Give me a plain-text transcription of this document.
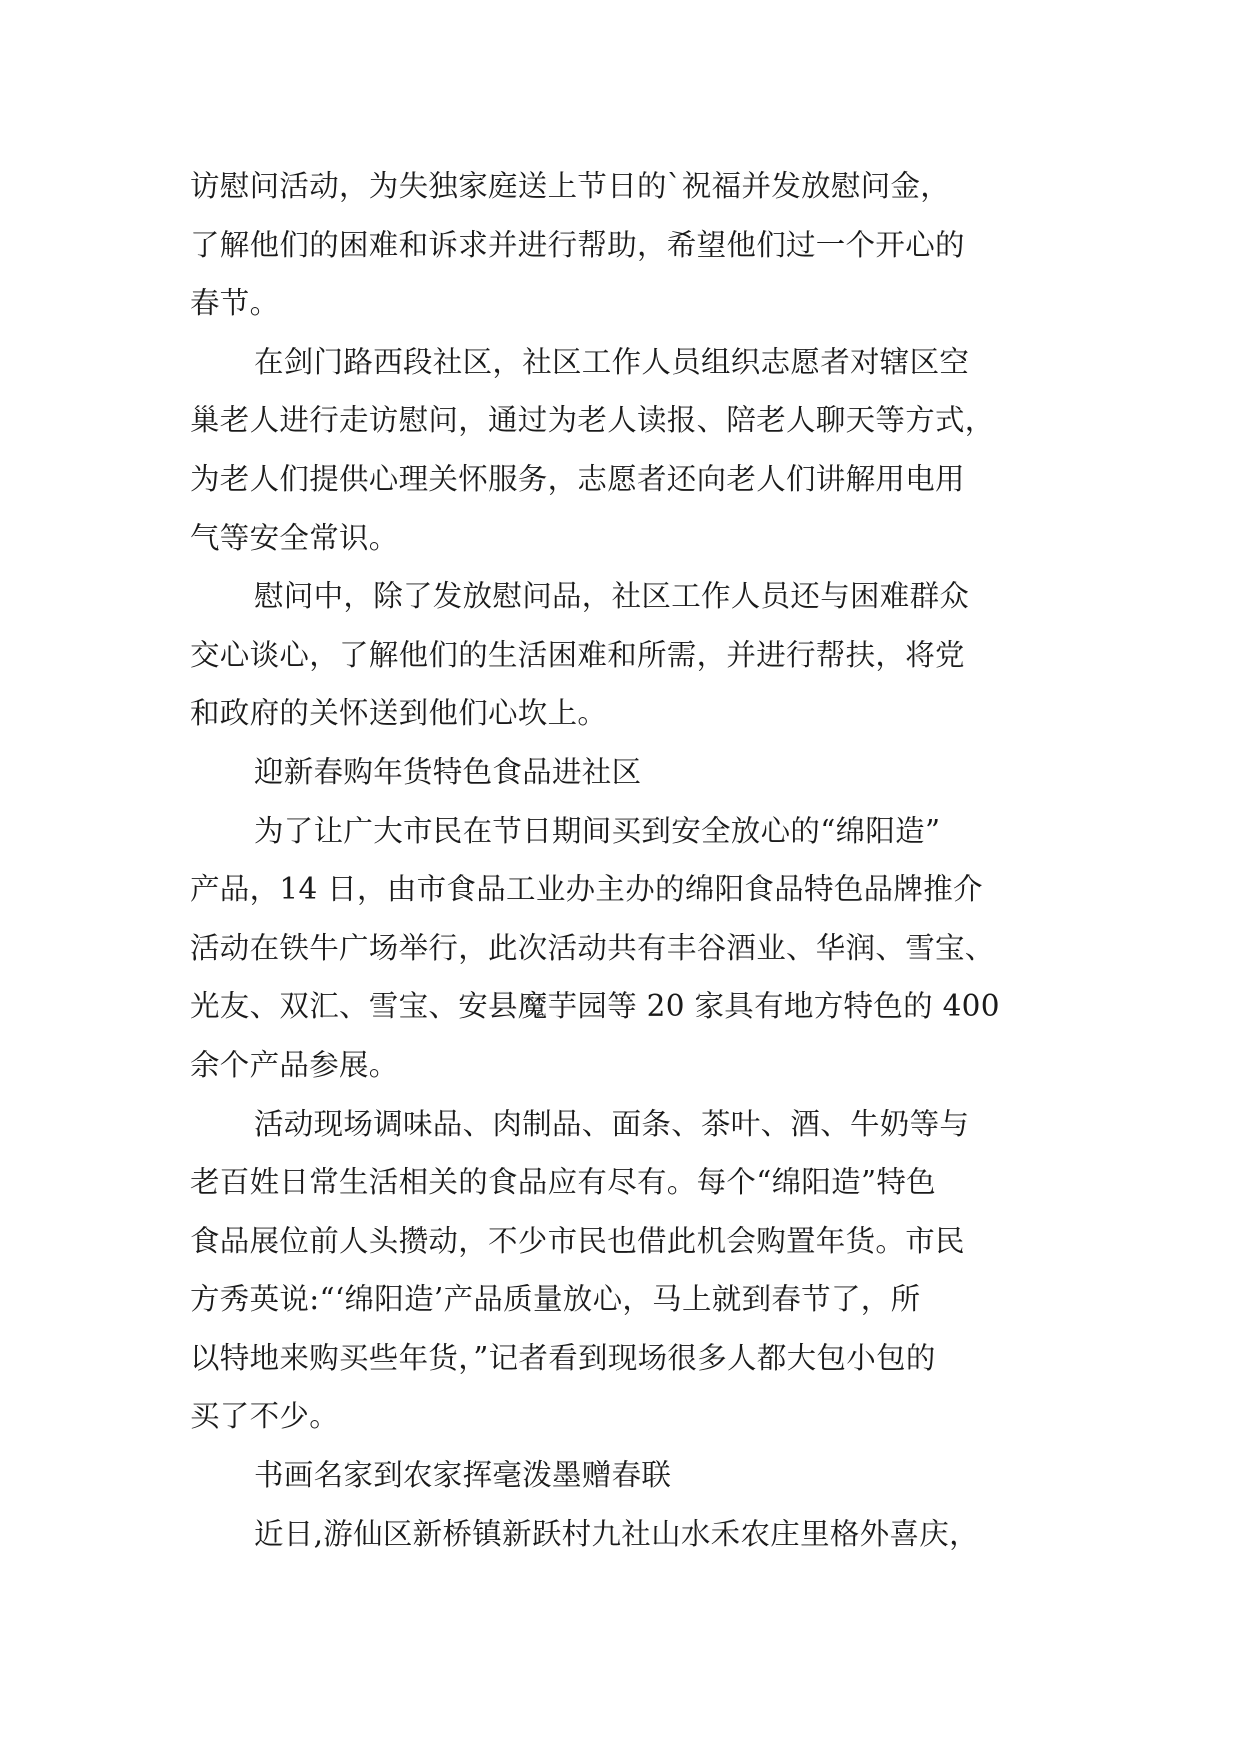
访慰问活动，为失独家庭送上节日的`祝福并发放慰问金，
了解他们的困难和诉求并进行帮助，希望他们过一个开心的
春节。
在剑门路西段社区，社区工作人员组织志愿者对辖区空
巢老人进行走访慰问，通过为老人读报、陪老人聊天等方式，
为老人们提供心理关怀服务，志愿者还向老人们讲解用电用
气等安全常识。
慰问中，除了发放慰问品，社区工作人员还与困难群众
交心谈心，了解他们的生活困难和所需，并进行帮扶，将党
和政府的关怀送到他们心坎上。
迎新春购年货特色食品进社区
为了让广大市民在节日期间买到安全放心的“绵阳造”
产品，14 日，由市食品工业办主办的绵阳食品特色品牌推介
活动在铁牛广场举行，此次活动共有丰谷酒业、华润、雪宝、
光友、双汇、雪宝、安县魔芋园等 20 家具有地方特色的 400
余个产品参展。
活动现场调味品、肉制品、面条、茶叶、酒、牛奶等与
老百姓日常生活相关的食品应有尽有。每个“绵阳造”特色
食品展位前人头攒动，不少市民也借此机会购置年货。市民
方秀英说:“‘绵阳造’产品质量放心，马上就到春节了，所
以特地来购买些年货，”记者看到现场很多人都大包小包的
买了不少。
书画名家到农家挥毫泼墨赠春联
近日,游仙区新桥镇新跃村九社山水禾农庄里格外喜庆，
